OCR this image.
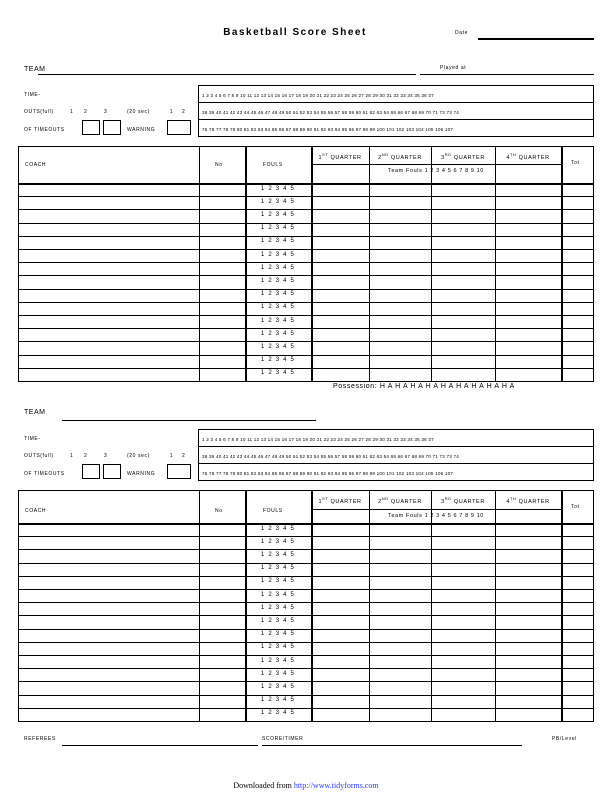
Basketball Score Sheet	Date
TEAM	Played at
TIME-
OUTS(full)	1 2	3	(20 sec)	1 2
OF TIMEOUTS	WARNING
1 2 3 4 5 6 7 8 9 10 11 12 13 14 15 16 17 18 19 20 21 22 23 24 25 26 27 28 29 30 31 32 33 34 35 36 37
38 39 40 41 42 43 44 45 46 47 48 49 50 51 52 53 54 55 56 57 58 59 60 61 62 63 64 65 66 67 68 69 70 71 72 73 74
75 76 77 78 79 80 81 82 83 84 85 86 87 88 89 90 91 92 93 94 95 96 97 98 99 100 101 102 103 104 105 106 107
COACH	No	FOULS
1ST QUARTER	2ND QUARTER	3RD QUARTER	4TH QUARTER
Tot
Team Fouls 1 2 3 4 5 6 7 8 9 10
1 2 3 4 5
1 2 3 4 5
1 2 3 4 5
1 2 3 4 5
1 2 3 4 5
1 2 3 4 5
1 2 3 4 5
1 2 3 4 5
1 2 3 4 5
1 2 3 4 5
1 2 3 4 5
1 2 3 4 5
1 2 3 4 5
1 2 3 4 5
1 2 3 4 5
Possession: H A H A H A H A H A H A H A H A H A
TEAM
TIME-
OUTS(full)	1 2	3	(20 sec)	1 2
OF TIMEOUTS	WARNING
1 2 3 4 5 6 7 8 9 10 11 12 13 14 15 16 17 18 19 20 21 22 23 24 25 26 27 28 29 30 31 32 33 34 35 36 37
38 39 40 41 42 43 44 45 46 47 48 49 50 51 52 53 54 55 56 57 58 59 60 61 62 63 64 65 66 67 68 69 70 71 72 73 74
75 76 77 78 79 80 81 82 83 84 85 86 87 88 89 90 91 92 93 94 95 96 97 98 99 100 101 102 103 104 105 106 107
COACH	No	FOULS
1ST QUARTER	2ND QUARTER	3RD QUARTER	4TH QUARTER
Tot
Team Fouls 1 2 3 4 5 6 7 8 9 10
1 2 3 4 5
1 2 3 4 5
1 2 3 4 5
1 2 3 4 5
1 2 3 4 5
1 2 3 4 5
1 2 3 4 5
1 2 3 4 5
1 2 3 4 5
1 2 3 4 5
1 2 3 4 5
1 2 3 4 5
1 2 3 4 5
1 2 3 4 5
1 2 3 4 5
REFEREES	SCORE/TIMER	PB/Level
Downloaded from http://www.tidyforms.com
